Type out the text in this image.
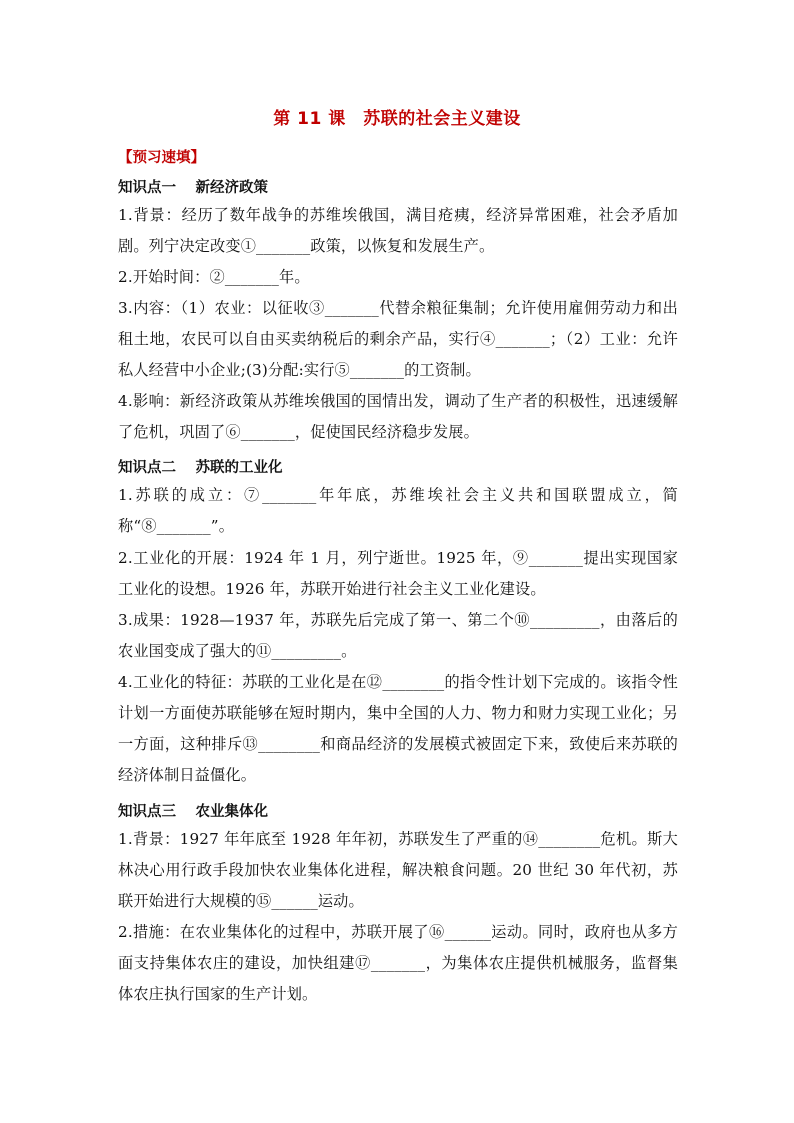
第 11 课　苏联的社会主义建设
【预习速填】
知识点一　 新经济政策
1.背景：经历了数年战争的苏维埃俄国，满目疮痍，经济异常困难，社会矛盾加剧。列宁决定改变①_______政策，以恢复和发展生产。
2.开始时间：②_______年。
3.内容：（1）农业：以征收③_______代替余粮征集制；允许使用雇佣劳动力和出租土地，农民可以自由买卖纳税后的剩余产品，实行④_______；（2）工业：允许私人经营中小企业;(3)分配:实行⑤_______的工资制。
4.影响：新经济政策从苏维埃俄国的国情出发，调动了生产者的积极性，迅速缓解了危机，巩固了⑥_______，促使国民经济稳步发展。
知识点二　 苏联的工业化
1.苏联的成立：⑦_______年年底，苏维埃社会主义共和国联盟成立，简称“⑧_______”。
2.工业化的开展：1924 年 1 月，列宁逝世。1925 年，⑨_______提出实现国家工业化的设想。1926 年，苏联开始进行社会主义工业化建设。
3.成果：1928—1937 年，苏联先后完成了第一、第二个⑩_________，由落后的农业国变成了强大的⑪_________。
4.工业化的特征：苏联的工业化是在⑫________的指令性计划下完成的。该指令性计划一方面使苏联能够在短时期内，集中全国的人力、物力和财力实现工业化；另一方面，这种排斥⑬________和商品经济的发展模式被固定下来，致使后来苏联的经济体制日益僵化。
知识点三　 农业集体化
1.背景：1927 年年底至 1928 年年初，苏联发生了严重的⑭________危机。斯大林决心用行政手段加快农业集体化进程，解决粮食问题。20 世纪 30 年代初，苏联开始进行大规模的⑮______运动。
2.措施：在农业集体化的过程中，苏联开展了⑯______运动。同时，政府也从多方面支持集体农庄的建设，加快组建⑰_______，为集体农庄提供机械服务，监督集体农庄执行国家的生产计划。
